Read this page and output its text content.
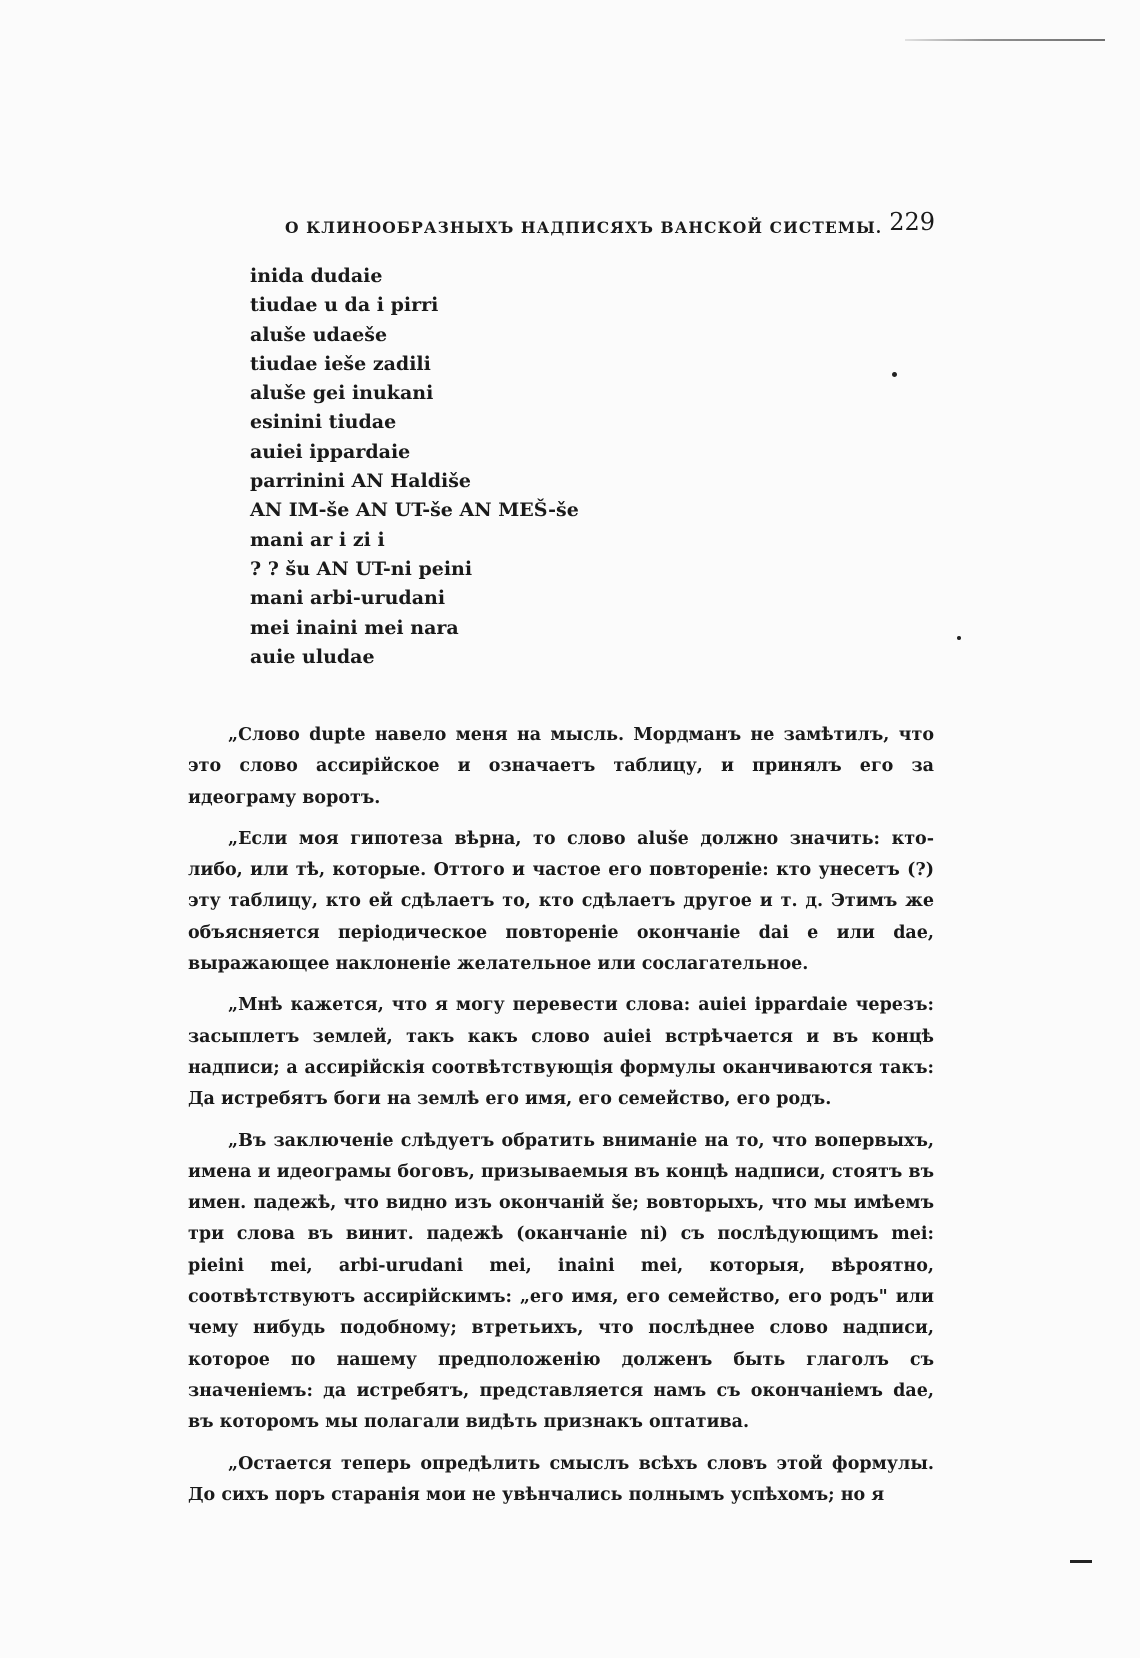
О КЛИНООБРАЗНЫХЪ НАДПИСЯХЪ ВАНСКОЙ СИСТЕМЫ. 229
inida dudaie
tiudae u da i pirri
aluše udaeše
tiudae ieše zadili
aluše gei inukani
esinini tiudae
auiei ippardaie
parrinini AN Haldiše
AN IM-še AN UT-še AN MEŠ-še
mani ar i zi i
? ? šu AN UT-ni peini
mani arbi-urudani
mei inaini mei nara
auie uludae

„Слово dupte навело меня на мысль. Мордманъ не замѣтилъ, что это слово ассирійское и означаетъ таблицу, и принялъ его за идеограму воротъ.

„Если моя гипотеза вѣрна, то слово aluše должно значить: кто-либо, или тѣ, которые. Оттого и частое его повтореніе: кто унесетъ (?) эту таблицу, кто ей сдѣлаетъ то, кто сдѣлаетъ другое и т. д. Этимъ же объясняется періодическое повтореніе окончаніе dai e или dae, выражающее наклоненіе желательное или сослагательное.

„Мнѣ кажется, что я могу перевести слова: auiei ippardaie черезъ: засыплетъ землей, такъ какъ слово auiei встрѣчается и въ концѣ надписи; а ассирійскія соотвѣтствующія формулы оканчиваются такъ: Да истребятъ боги на землѣ его имя, его семейство, его родъ.

„Въ заключеніе слѣдуетъ обратить вниманіе на то, что вопервыхъ, имена и идеограмы боговъ, призываемыя въ концѣ надписи, стоятъ въ имен. падежѣ, что видно изъ окончаній še; вовторыхъ, что мы имѣемъ три слова въ винит. падежѣ (оканчаніе ni) съ послѣдующимъ mei: pieini mei, arbi-urudani mei, inaini mei, которыя, вѣроятно, соотвѣтствуютъ ассирійскимъ: „его имя, его семейство, его родъ" или чему нибудь подобному; втретьихъ, что послѣднее слово надписи, которое по нашему предположенію долженъ быть глаголъ съ значеніемъ: да истребятъ, представляется намъ съ окончаніемъ dae, въ которомъ мы полагали видѣть признакъ оптатива.

„Остается теперь опредѣлить смыслъ всѣхъ словъ этой формулы. До сихъ поръ старанія мои не увѣнчались полнымъ успѣхомъ; но я
